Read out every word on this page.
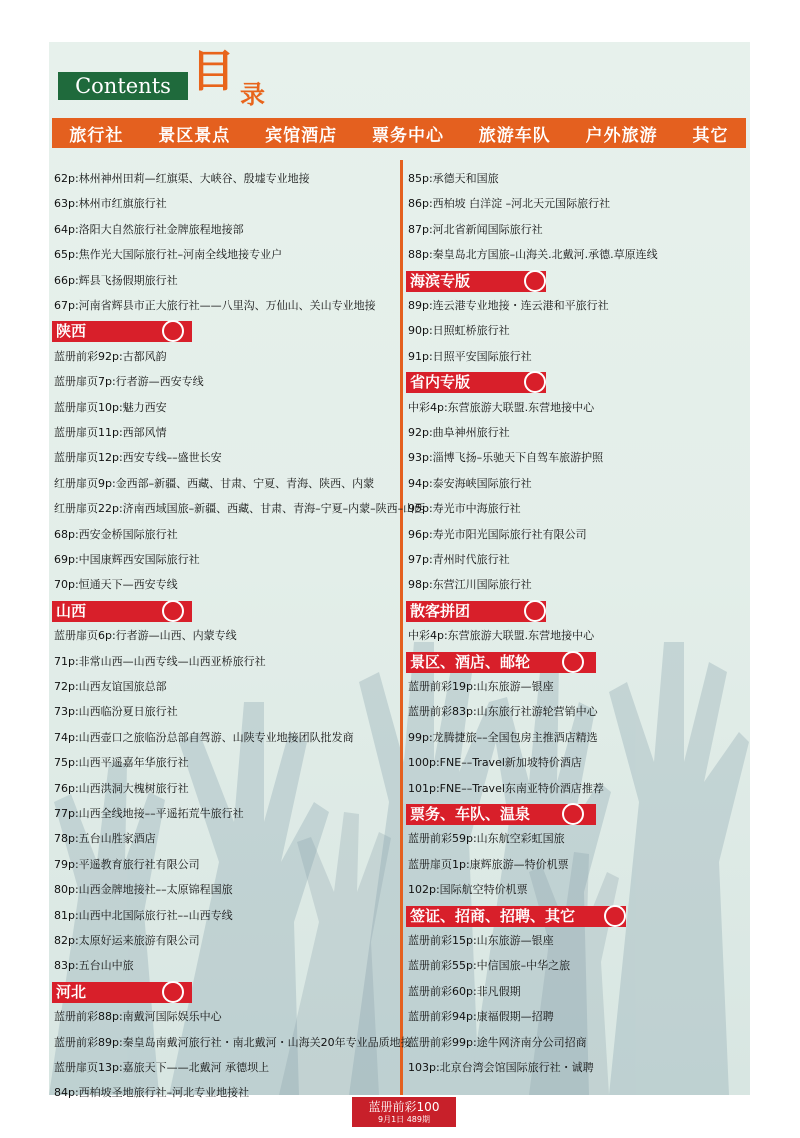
Contents 目 录
旅行社 景区景点 宾馆酒店 票务中心 旅游车队 户外旅游 其它
62p:林州神州田莉—红旗渠、大峡谷、殷墟专业地接
63p:林州市红旗旅行社
64p:洛阳大自然旅行社金牌旅程地接部
65p:焦作光大国际旅行社–河南全线地接专业户
66p:辉县飞扬假期旅行社
67p:河南省辉县市正大旅行社——八里沟、万仙山、关山专业地接
陕西
蓝册前彩92p:古都风韵
蓝册扉页7p:行者游—西安专线
蓝册扉页10p:魅力西安
蓝册扉页11p:西部风情
蓝册扉页12p:西安专线––盛世长安
红册扉页9p:金西部–新疆、西藏、甘肃、宁夏、青海、陕西、内蒙
红册扉页22p:济南西域国旅–新疆、西藏、甘肃、青海–宁夏–内蒙–陕西–山西
68p:西安金桥国际旅行社
69p:中国康辉西安国际旅行社
70p:恒通天下—西安专线
山西
蓝册扉页6p:行者游—山西、内蒙专线
71p:非常山西—山西专线—山西亚桥旅行社
72p:山西友谊国旅总部
73p:山西临汾夏日旅行社
74p:山西壶口之旅临汾总部自驾游、山陕专业地接团队批发商
75p:山西平遥嘉年华旅行社
76p:山西洪洞大槐树旅行社
77p:山西全线地接––平遥拓荒牛旅行社
78p:五台山胜家酒店
79p:平遥教育旅行社有限公司
80p:山西金牌地接社––太原锦程国旅
81p:山西中北国际旅行社––山西专线
82p:太原好运来旅游有限公司
83p:五台山中旅
河北
蓝册前彩88p:南戴河国际娱乐中心
蓝册前彩89p:秦皇岛南戴河旅行社・南北戴河・山海关20年专业品质地接
蓝册扉页13p:嘉旅天下——北戴河 承德坝上
84p:西柏坡圣地旅行社–河北专业地接社
85p:承德天和国旅
86p:西柏坡 白洋淀 –河北天元国际旅行社
87p:河北省新闻国际旅行社
88p:秦皇岛北方国旅–山海关.北戴河.承德.草原连线
海滨专版
89p:连云港专业地接・连云港和平旅行社
90p:日照虹桥旅行社
91p:日照平安国际旅行社
省内专版
中彩4p:东营旅游大联盟.东营地接中心
92p:曲阜神州旅行社
93p:淄博飞扬–乐驰天下自驾车旅游护照
94p:泰安海峡国际旅行社
95p:寿光市中海旅行社
96p:寿光市阳光国际旅行社有限公司
97p:青州时代旅行社
98p:东营江川国际旅行社
散客拼团
中彩4p:东营旅游大联盟.东营地接中心
景区、酒店、邮轮
蓝册前彩19p:山东旅游—银座
蓝册前彩83p:山东旅行社游轮营销中心
99p:龙腾捷旅––全国包房主推酒店精选
100p:FNE––Travel新加坡特价酒店
101p:FNE––Travel东南亚特价酒店推荐
票务、车队、温泉
蓝册前彩59p:山东航空彩虹国旅
蓝册扉页1p:康辉旅游—特价机票
102p:国际航空特价机票
签证、招商、招聘、其它
蓝册前彩15p:山东旅游—银座
蓝册前彩55p:中信国旅–中华之旅
蓝册前彩60p:非凡假期
蓝册前彩94p:康福假期—招聘
蓝册前彩99p:途牛网济南分公司招商
103p:北京台湾会馆国际旅行社・诚聘
蓝册前彩100
9月1日 489期
